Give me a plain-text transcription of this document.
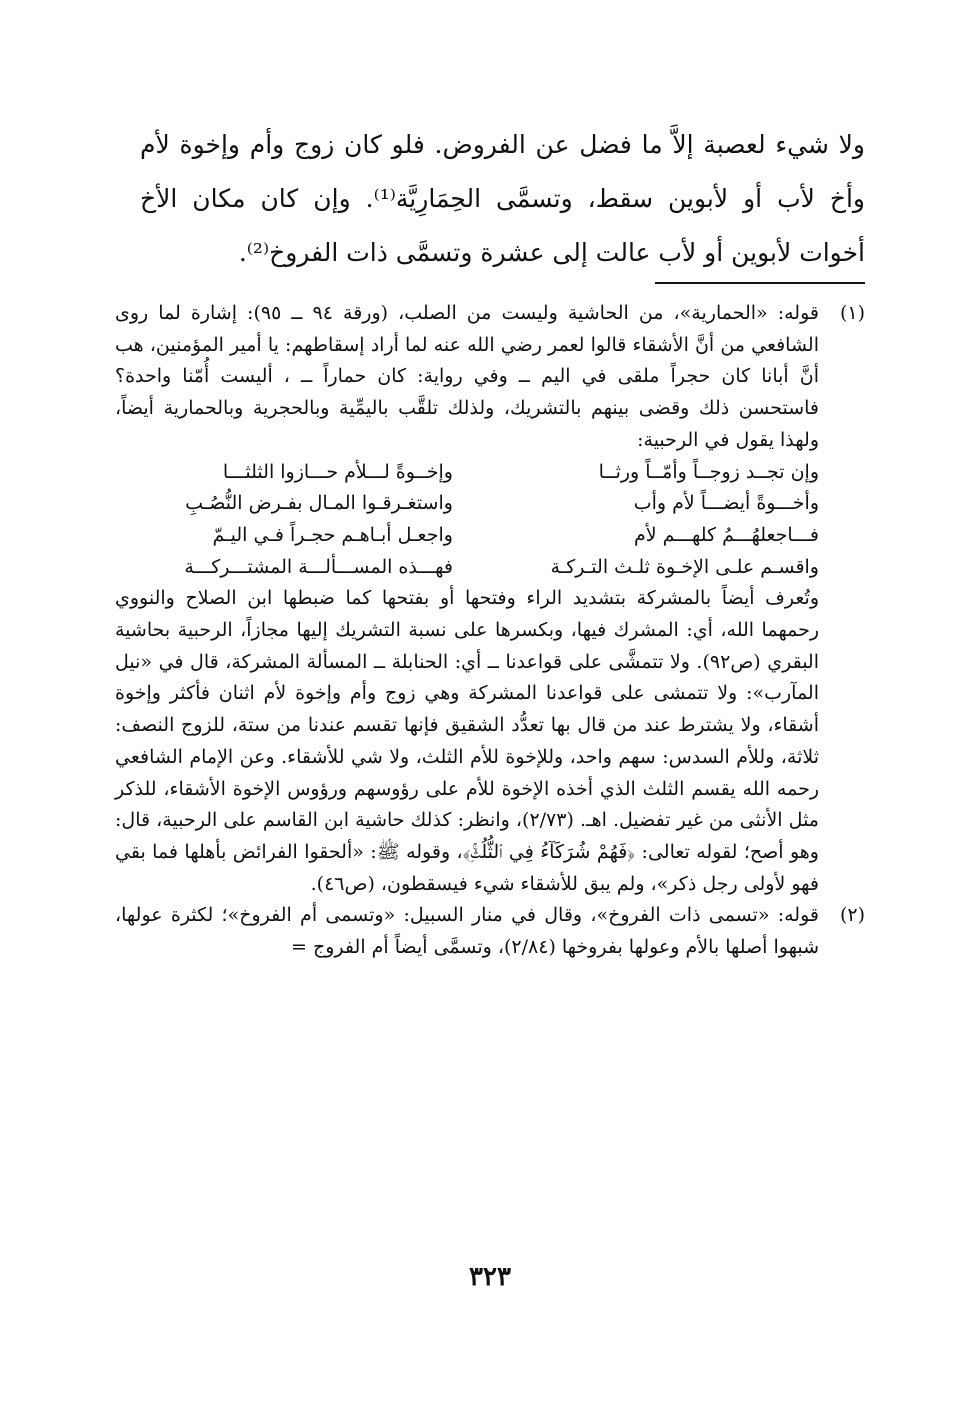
ولا شيء لعصبة إلاَّ ما فضل عن الفروض. فلو كان زوج وأم وإخوة لأم وأخ لأب أو لأبوين سقط، وتسمَّى الحِمَارِيَّة⁽¹⁾. وإن كان مكان الأخ أخوات لأبوين أو لأب عالت إلى عشرة وتسمَّى ذات الفروخ⁽²⁾.

(١)

قوله: «الحمارية»، من الحاشية وليست من الصلب، (ورقة ٩٤ ــ ٩٥): إشارة لما روى الشافعي من أنَّ الأشقاء قالوا لعمر رضي الله عنه لما أراد إسقاطهم: يا أمير المؤمنين، هب أنَّ أبانا كان حجراً ملقى في اليم ــ وفي رواية: كان حماراً ــ ، أليست أُمّنا واحدة؟ فاستحسن ذلك وقضى بينهم بالتشريك، ولذلك تلقَّب باليمِّية وبالحجرية وبالحمارية أيضاً، ولهذا يقول في الرحبية:

وإن تجــد زوجــاً وأمّــاً ورثــا
وإخــوةً لـــلأم حـــازوا الثلثـــا
وأخـــوةً أيضـــاً لأم وأب
واستغـرقـوا المـال بفـرض النُّصُـبِ
فـــاجعلهُـــمُ كلهـــم لأم
واجعـل أبـاهـم حجـراً فـي اليـمّ
واقسـم علـى الإخـوة ثلـث التـركـة
فهـــذه المســـألـــة المشتـــركـــة

وتُعرف أيضاً بالمشركة بتشديد الراء وفتحها أو بفتحها كما ضبطها ابن الصلاح والنووي رحمهما الله، أي: المشرك فيها، وبكسرها على نسبة التشريك إليها مجازاً، الرحبية بحاشية البقري (ص٩٢). ولا تتمشَّى على قواعدنا ــ أي: الحنابلة ــ المسألة المشركة، قال في «نيل المآرب»: ولا تتمشى على قواعدنا المشركة وهي زوج وأم وإخوة لأم اثنان فأكثر وإخوة أشقاء، ولا يشترط عند من قال بها تعدُّد الشقيق فإنها تقسم عندنا من ستة، للزوج النصف: ثلاثة، وللأم السدس: سهم واحد، وللإخوة للأم الثلث، ولا شي للأشقاء. وعن الإمام الشافعي رحمه الله يقسم الثلث الذي أخذه الإخوة للأم على رؤوسهم ورؤوس الإخوة الأشقاء، للذكر مثل الأنثى من غير تفضيل. اهـ. (٢/٧٣)، وانظر: كذلك حاشية ابن القاسم على الرحبية، قال: وهو أصح؛ لقوله تعالى: ﴿فَهُمْ شُرَكَآءُ فِي ٱلثُّلُثِۚ﴾، وقوله ﷺ: «ألحقوا الفرائض بأهلها فما بقي فهو لأولى رجل ذكر»، ولم يبق للأشقاء شيء فيسقطون، (ص٤٦).

(٢)

قوله: «تسمى ذات الفروخ»، وقال في منار السبيل: «وتسمى أم الفروخ»؛ لكثرة عولها، شبهوا أصلها بالأم وعولها بفروخها (٢/٨٤)، وتسمَّى أيضاً أم الفروج =

٣٢٣
